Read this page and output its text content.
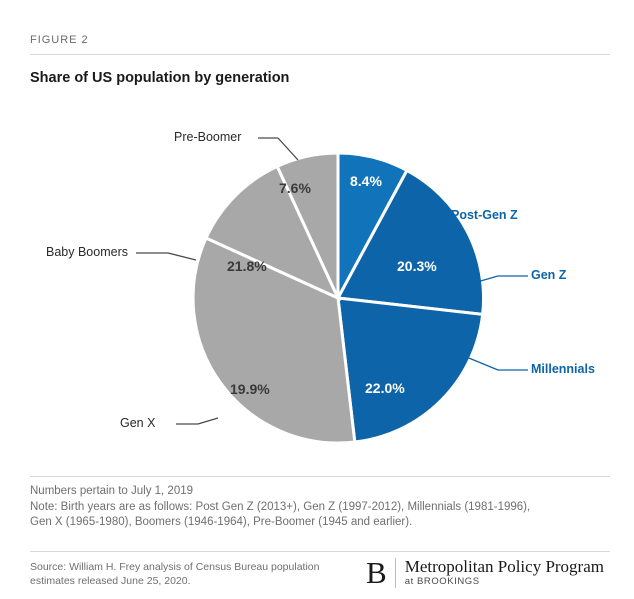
FIGURE 2
Share of US population by generation
8.4%
20.3%
22.0%
19.9%
21.8%
7.6%
Post-Gen Z
Gen Z
Millennials
Gen X
Baby Boomers
Pre-Boomer
Numbers pertain to July 1, 2019
Note: Birth years are as follows: Post Gen Z (2013+), Gen Z (1997-2012), Millennials (1981-1996),
Gen X (1965-1980), Boomers (1946-1964), Pre-Boomer (1945 and earlier).
Source: William H. Frey analysis of Census Bureau population
estimates released June 25, 2020.	B	Metropolitan Policy Program
at BROOKINGS
